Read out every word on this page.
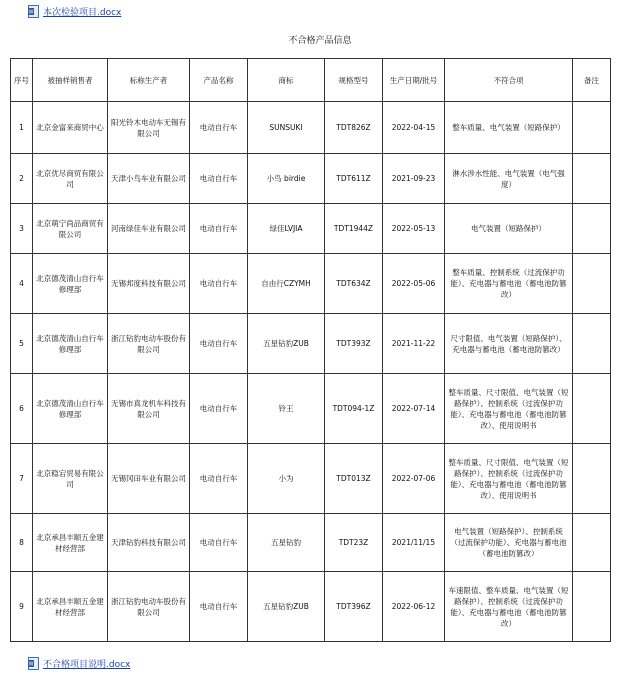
W 本次检验项目.docx
不合格产品信息
序号	被抽样销售者	标称生产者	产品名称	商标	规格型号	生产日期/批号	不符合项	备注
1	北京金富来商贸中心	阳光铃木电动车无锡有限公司	电动自行车	SUNSUKI	TDT826Z	2022-04-15	整车质量、电气装置（短路保护）	
2	北京优尽商贸有限公司	天津小鸟车业有限公司	电动自行车	小鸟 birdie	TDT611Z	2021-09-23	淋水涉水性能、电气装置（电气强度）	
3	北京萌宁尚品商贸有限公司	河南绿佳车业有限公司	电动自行车	绿佳LVJIA	TDT1944Z	2022-05-13	电气装置（短路保护）	
4	北京德茂清山自行车修理部	无锡邦度科技有限公司	电动自行车	自由行CZYMH	TDT634Z	2022-05-06	整车质量、控制系统（过流保护功能）、充电器与蓄电池（蓄电池防篡改）	
5	北京德茂清山自行车修理部	浙江钻豹电动车股份有限公司	电动自行车	五星钻豹ZUB	TDT393Z	2021-11-22	尺寸限值、电气装置（短路保护）、充电器与蓄电池（蓄电池防篡改）	
6	北京德茂清山自行车修理部	无锡市真龙机车科技有限公司	电动自行车	铃王	TDT094-1Z	2022-07-14	整车质量、尺寸限值、电气装置（短路保护）、控制系统（过流保护功能）、充电器与蓄电池（蓄电池防篡改）、使用说明书	
7	北京稳宕贸易有限公司	无锡冈田车业有限公司	电动自行车	小为	TDT013Z	2022-07-06	整车质量、尺寸限值、电气装置（短路保护）、控制系统（过流保护功能）、充电器与蓄电池（蓄电池防篡改）、使用说明书	
8	北京承昌丰顺五金建材经营部	天津钻豹科技有限公司	电动自行车	五星钻豹	TDT23Z	2021/11/15	电气装置（短路保护）、控制系统（过流保护功能）、充电器与蓄电池（蓄电池防篡改）	
9	北京承昌丰顺五金建材经营部	浙江钻豹电动车股份有限公司	电动自行车	五星钻豹ZUB	TDT396Z	2022-06-12	车速限值、整车质量、电气装置（短路保护）、控制系统（过流保护功能）、充电器与蓄电池（蓄电池防篡改）	
W 不合格项目说明.docx
